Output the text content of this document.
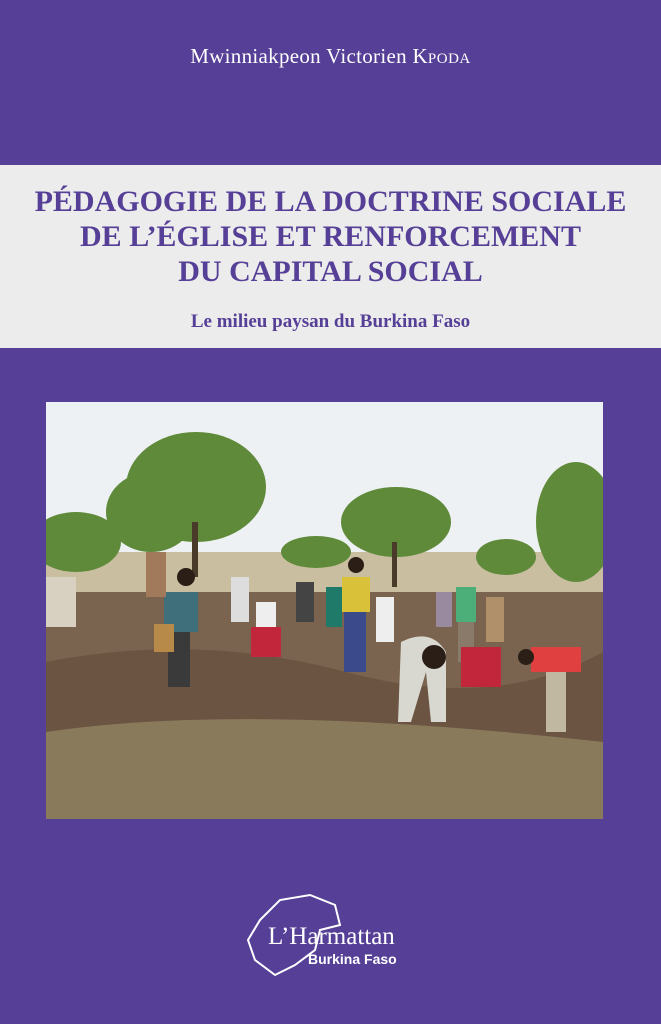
Mwinniakpeon Victorien KPODA
PÉDAGOGIE DE LA DOCTRINE SOCIALE
DE L’ÉGLISE ET RENFORCEMENT
DU CAPITAL SOCIAL
Le milieu paysan du Burkina Faso
L’Harmattan
Burkina Faso
